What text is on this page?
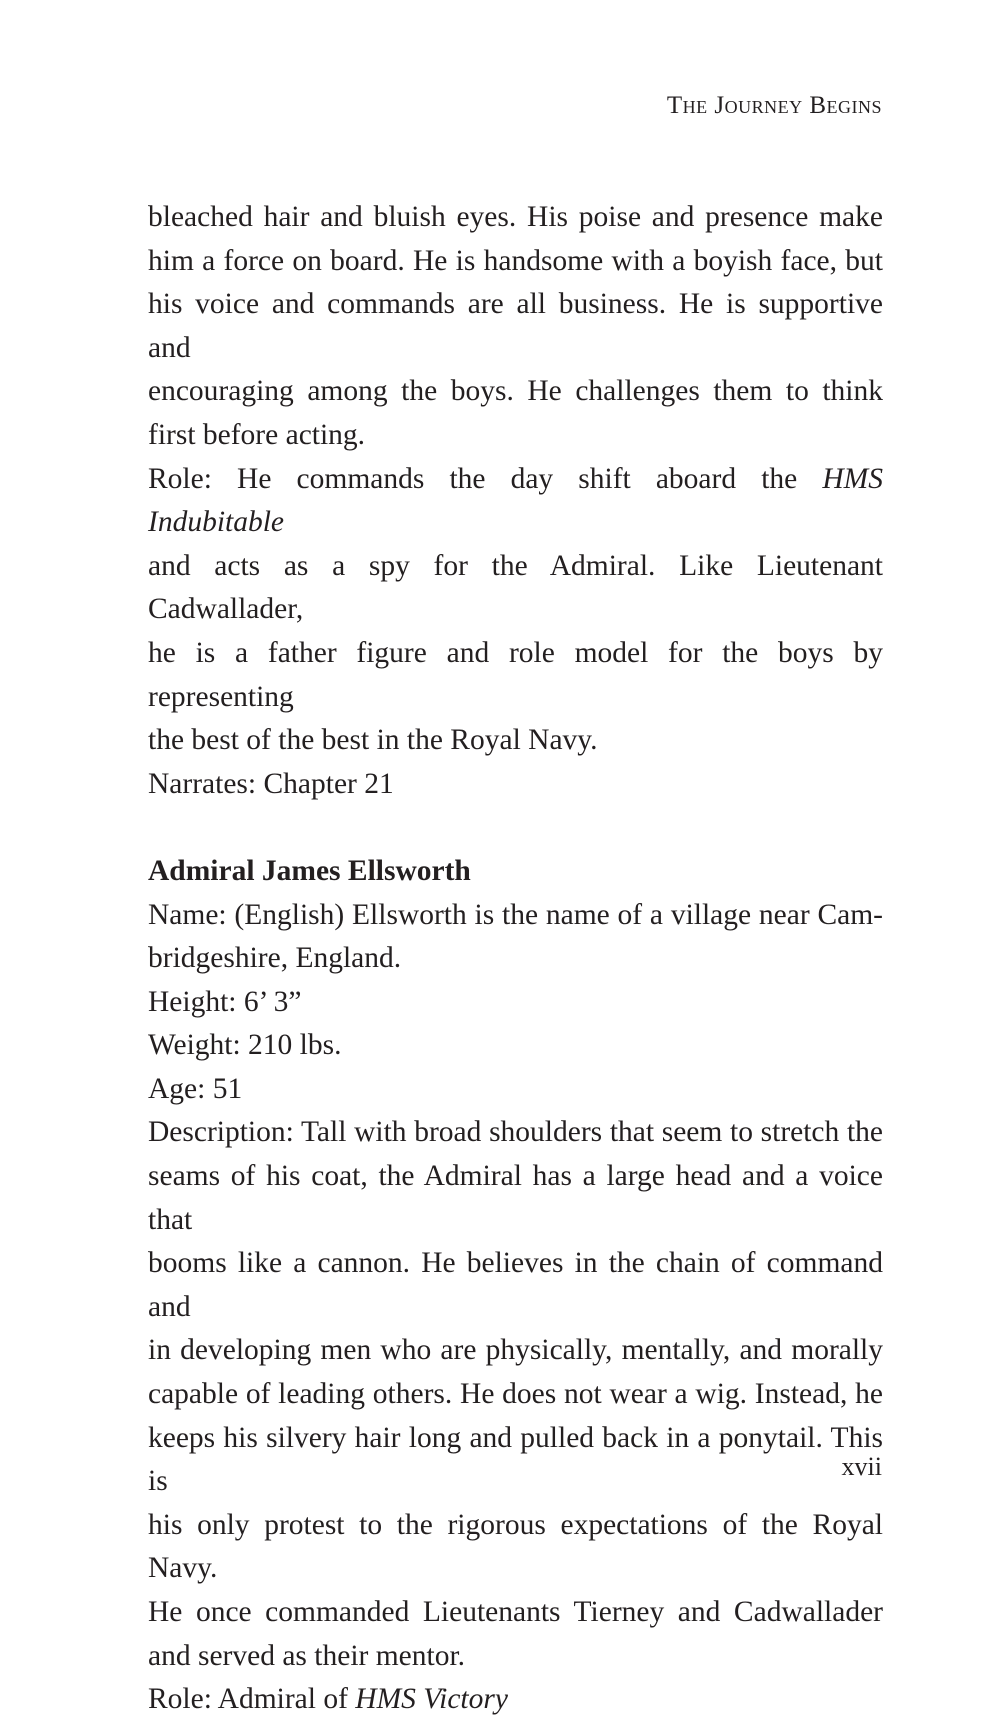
The Journey Begins
bleached hair and bluish eyes. His poise and presence make
him a force on board. He is handsome with a boyish face, but
his voice and commands are all business. He is supportive and
encouraging among the boys. He challenges them to think
first before acting.
Role: He commands the day shift aboard the HMS Indubitable
and acts as a spy for the Admiral. Like Lieutenant Cadwallader,
he is a father figure and role model for the boys by representing
the best of the best in the Royal Navy.
Narrates: Chapter 21
Admiral James Ellsworth
Name: (English) Ellsworth is the name of a village near Cam-
bridgeshire, England.
Height: 6’ 3”
Weight: 210 lbs.
Age: 51
Description: Tall with broad shoulders that seem to stretch the
seams of his coat, the Admiral has a large head and a voice that
booms like a cannon. He believes in the chain of command and
in developing men who are physically, mentally, and morally
capable of leading others. He does not wear a wig. Instead, he
keeps his silvery hair long and pulled back in a ponytail. This is
his only protest to the rigorous expectations of the Royal Navy.
He once commanded Lieutenants Tierney and Cadwallader
and served as their mentor.
Role: Admiral of HMS Victory
xvii
